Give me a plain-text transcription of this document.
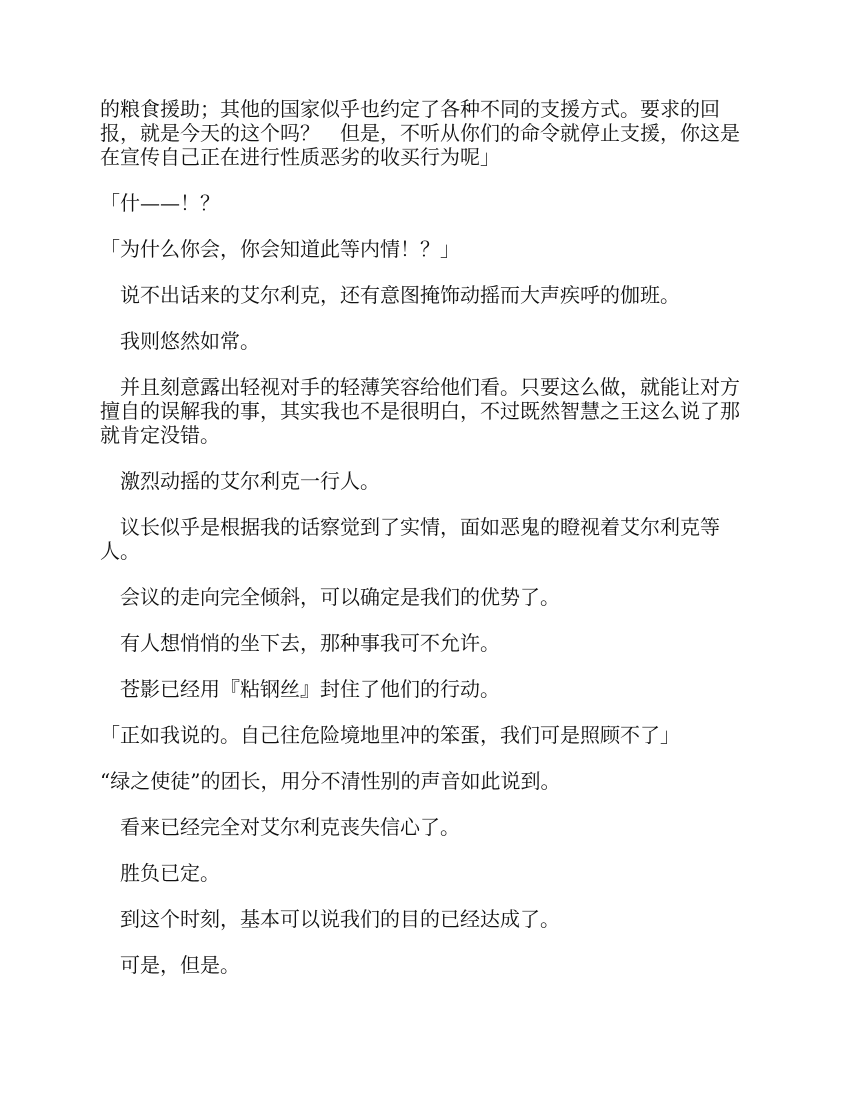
的粮食援助；其他的国家似乎也约定了各种不同的支援方式。要求的回报，就是今天的这个吗？　但是，不听从你们的命令就停止支援，你这是在宣传自己正在进行性质恶劣的收买行为呢」

「什——！？

「为什么你会，你会知道此等内情！？」

　说不出话来的艾尔利克，还有意图掩饰动摇而大声疾呼的伽班。

　我则悠然如常。

　并且刻意露出轻视对手的轻薄笑容给他们看。只要这么做，就能让对方擅自的误解我的事，其实我也不是很明白，不过既然智慧之王这么说了那就肯定没错。

　激烈动摇的艾尔利克一行人。

　议长似乎是根据我的话察觉到了实情，面如恶鬼的瞪视着艾尔利克等人。

　会议的走向完全倾斜，可以确定是我们的优势了。

　有人想悄悄的坐下去，那种事我可不允许。

　苍影已经用『粘钢丝』封住了他们的行动。

「正如我说的。自己往危险境地里冲的笨蛋，我们可是照顾不了」

“绿之使徒”的团长，用分不清性别的声音如此说到。

　看来已经完全对艾尔利克丧失信心了。

　胜负已定。

　到这个时刻，基本可以说我们的目的已经达成了。

　可是，但是。
